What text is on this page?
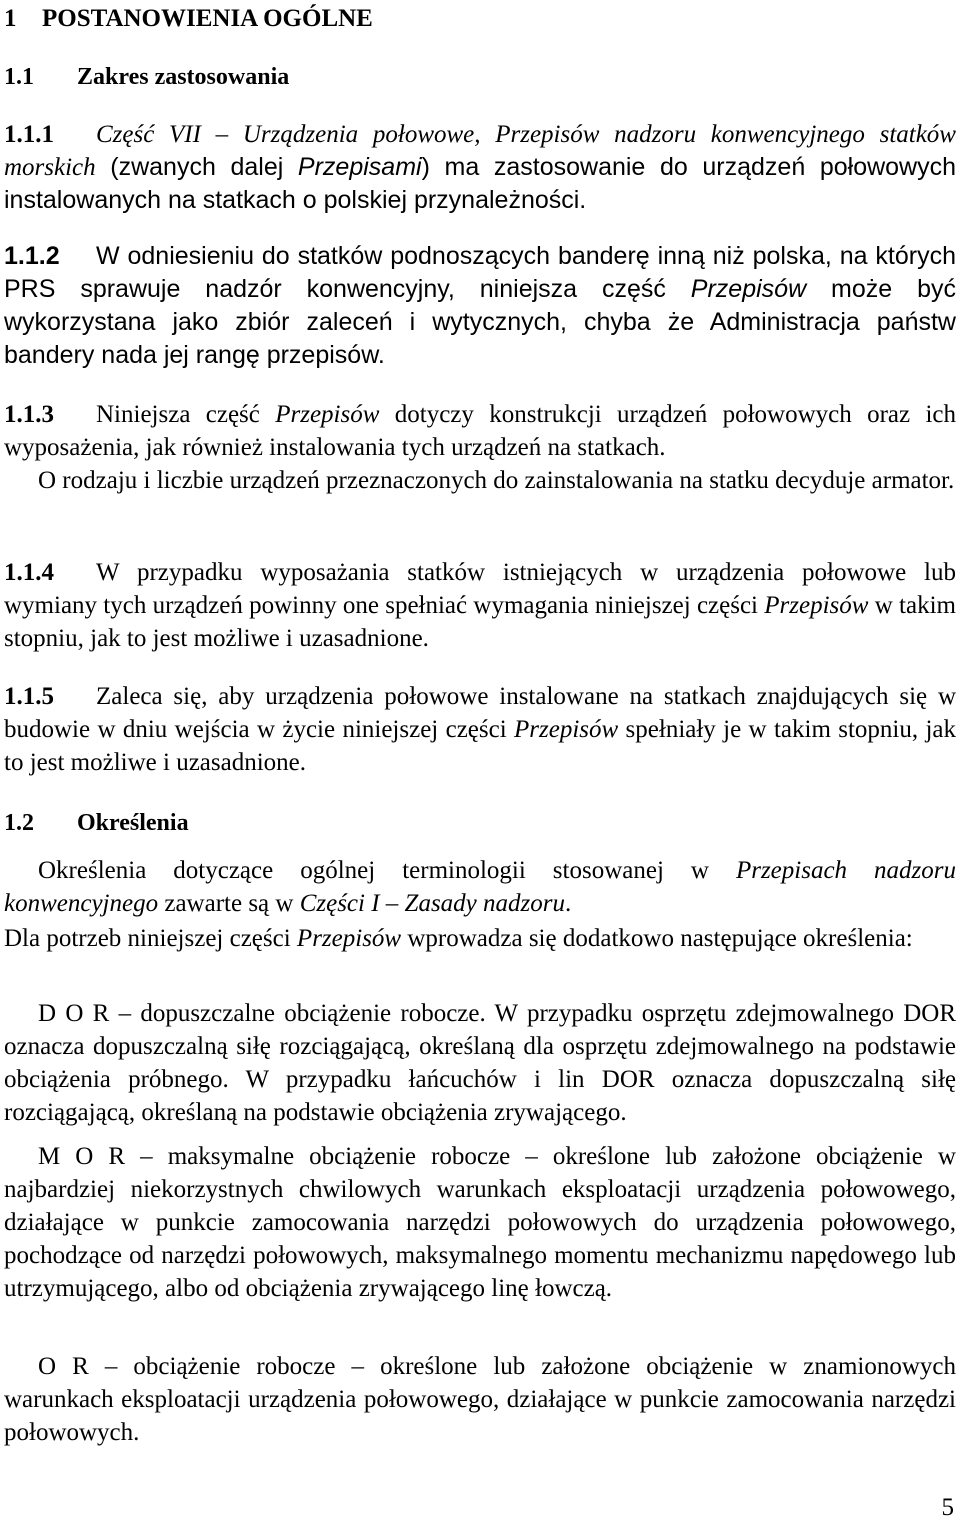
1 POSTANOWIENIA OGÓLNE
1.1 Zakres zastosowania

1.1.1 Część VII – Urządzenia połowowe, Przepisów nadzoru konwencyjnego statków morskich (zwanych dalej Przepisami) ma zastosowanie do urządzeń połowowych instalowanych na statkach o polskiej przynależności.

1.1.2 W odniesieniu do statków podnoszących banderę inną niż polska, na których PRS sprawuje nadzór konwencyjny, niniejsza część Przepisów może być wykorzystana jako zbiór zaleceń i wytycznych, chyba że Administracja państw bandery nada jej rangę przepisów.

1.1.3 Niniejsza część Przepisów dotyczy konstrukcji urządzeń połowowych oraz ich wyposażenia, jak również instalowania tych urządzeń na statkach.
O rodzaju i liczbie urządzeń przeznaczonych do zainstalowania na statku decyduje armator.

1.1.4 W przypadku wyposażania statków istniejących w urządzenia połowowe lub wymiany tych urządzeń powinny one spełniać wymagania niniejszej części Przepisów w takim stopniu, jak to jest możliwe i uzasadnione.

1.1.5 Zaleca się, aby urządzenia połowowe instalowane na statkach znajdujących się w budowie w dniu wejścia w życie niniejszej części Przepisów spełniały je w takim stopniu, jak to jest możliwe i uzasadnione.

1.2 Określenia

Określenia dotyczące ogólnej terminologii stosowanej w Przepisach nadzoru konwencyjnego zawarte są w Części I – Zasady nadzoru.

Dla potrzeb niniejszej części Przepisów wprowadza się dodatkowo następujące określenia:

D O R – dopuszczalne obciążenie robocze. W przypadku osprzętu zdejmowalnego DOR oznacza dopuszczalną siłę rozciągającą, określaną dla osprzętu zdejmowalnego na podstawie obciążenia próbnego. W przypadku łańcuchów i lin DOR oznacza dopuszczalną siłę rozciągającą, określaną na podstawie obciążenia zrywającego.

M O R – maksymalne obciążenie robocze – określone lub założone obciążenie w najbardziej niekorzystnych chwilowych warunkach eksploatacji urządzenia połowowego, działające w punkcie zamocowania narzędzi połowowych do urządzenia połowowego, pochodzące od narzędzi połowowych, maksymalnego momentu mechanizmu napędowego lub utrzymującego, albo od obciążenia zrywającego linę łowczą.

O R – obciążenie robocze – określone lub założone obciążenie w znamionowych warunkach eksploatacji urządzenia połowowego, działające w punkcie zamocowania narzędzi połowowych.

5
